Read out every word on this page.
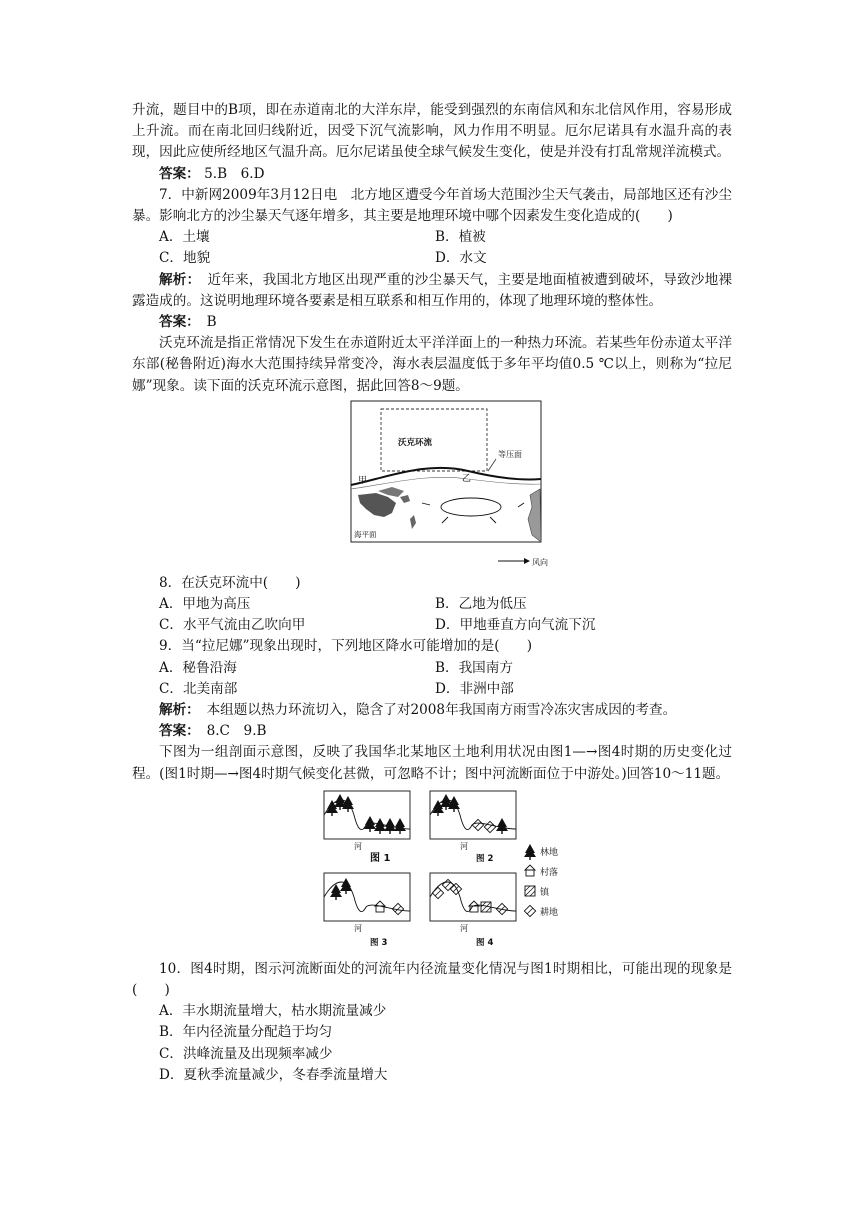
升流，题目中的B项，即在赤道南北的大洋东岸，能受到强烈的东南信风和东北信风作用，容易形成上升流。而在南北回归线附近，因受下沉气流影响，风力作用不明显。厄尔尼诺具有水温升高的表现，因此应使所经地区气温升高。厄尔尼诺虽使全球气候发生变化，使是并没有打乱常规洋流模式。

答案： 5.B　6.D

7．中新网2009年3月12日电　北方地区遭受今年首场大范围沙尘天气袭击，局部地区还有沙尘暴。影响北方的沙尘暴天气逐年增多，其主要是地理环境中哪个因素发生变化造成的(　　)

A．土壤	B．植被
C．地貌	D．水文

解析：　 近年来，我国北方地区出现严重的沙尘暴天气，主要是地面植被遭到破坏，导致沙地裸露造成的。这说明地理环境各要素是相互联系和相互作用的，体现了地理环境的整体性。

答案：　 B

沃克环流是指正常情况下发生在赤道附近太平洋洋面上的一种热力环流。若某些年份赤道太平洋东部(秘鲁附近)海水大范围持续异常变冷，海水表层温度低于多年平均值0.5 ℃以上，则称为“拉尼娜”现象。读下面的沃克环流示意图，据此回答8～9题。

沃克环流
等压面
甲	乙
海平面
风向

8．在沃克环流中(　　)

A．甲地为高压	B．乙地为低压
C．水平气流由乙吹向甲	D．甲地垂直方向气流下沉

9．当“拉尼娜”现象出现时，下列地区降水可能增加的是(　　)

A．秘鲁沿海	B．我国南方
C．北美南部	D．非洲中部

解析：　 本组题以热力环流切入，隐含了对2008年我国南方雨雪冷冻灾害成因的考查。

答案：　 8.C　9.B

下图为一组剖面示意图，反映了我国华北某地区土地利用状况由图1—→图4时期的历史变化过程。(图1时期—→图4时期气候变化甚微，可忽略不计；图中河流断面位于中游处。)回答10～11题。

河
图 1
河
图 2
河
图 3
河
图 4
林地
村落
镇
耕地

10．图4时期，图示河流断面处的河流年内径流量变化情况与图1时期相比，可能出现的现象是(　　)

A．丰水期流量增大，枯水期流量减少

B．年内径流量分配趋于均匀

C．洪峰流量及出现频率减少

D．夏秋季流量减少，冬春季流量增大
